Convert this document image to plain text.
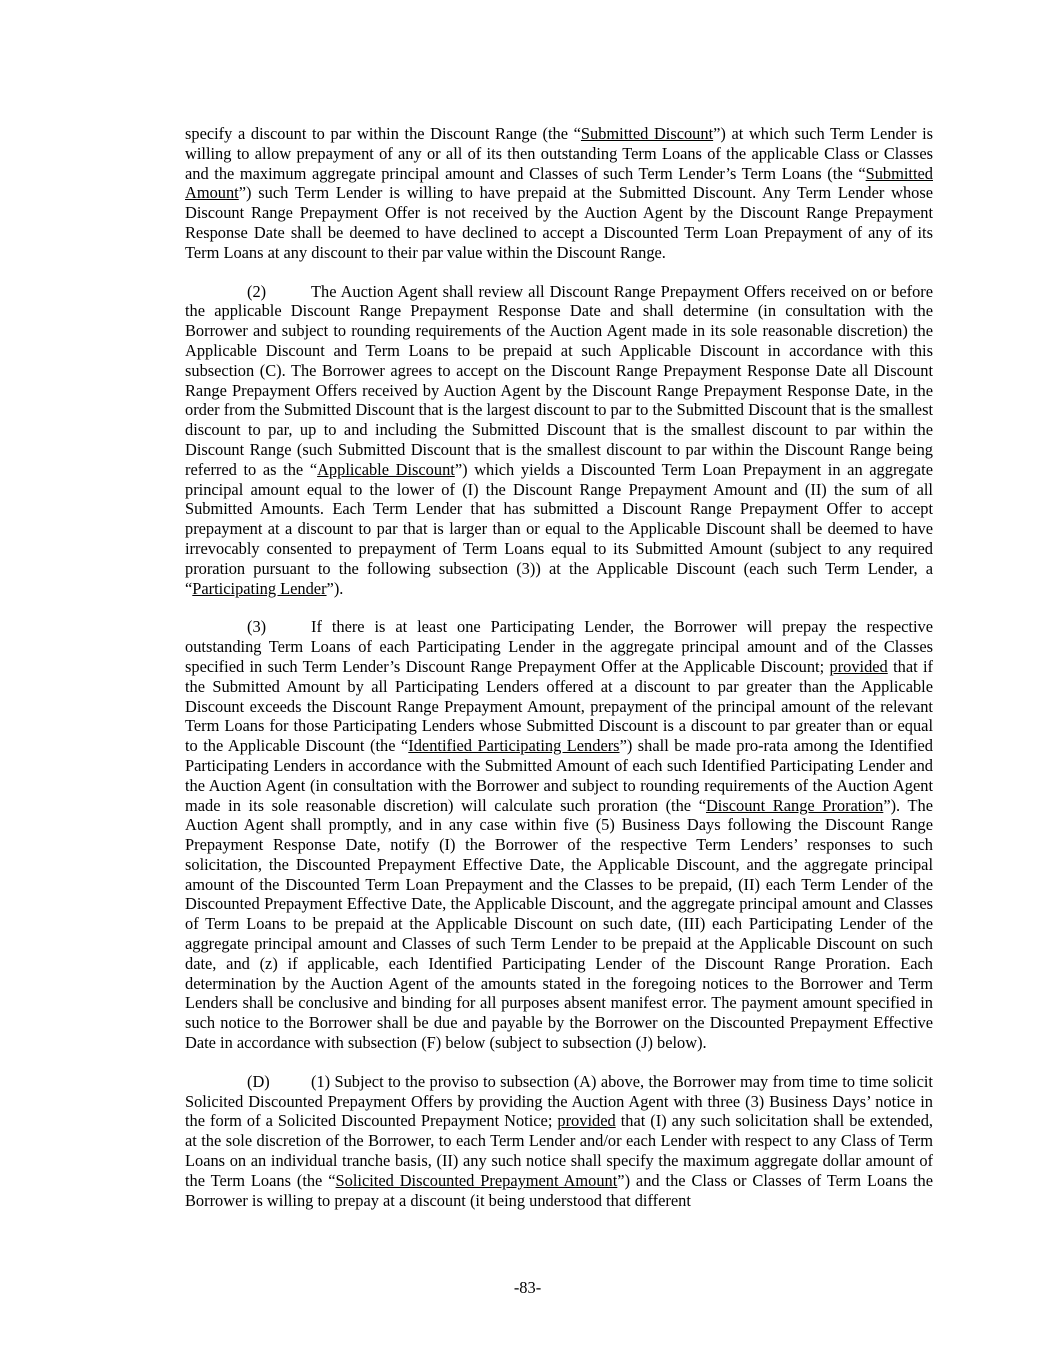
specify a discount to par within the Discount Range (the “Submitted Discount”) at which such Term Lender is willing to allow prepayment of any or all of its then outstanding Term Loans of the applicable Class or Classes and the maximum aggregate principal amount and Classes of such Term Lender’s Term Loans (the “Submitted Amount”) such Term Lender is willing to have prepaid at the Submitted Discount. Any Term Lender whose Discount Range Prepayment Offer is not received by the Auction Agent by the Discount Range Prepayment Response Date shall be deemed to have declined to accept a Discounted Term Loan Prepayment of any of its Term Loans at any discount to their par value within the Discount Range.

(2)	The Auction Agent shall review all Discount Range Prepayment Offers received on or before the applicable Discount Range Prepayment Response Date and shall determine (in consultation with the Borrower and subject to rounding requirements of the Auction Agent made in its sole reasonable discretion) the Applicable Discount and Term Loans to be prepaid at such Applicable Discount in accordance with this subsection (C). The Borrower agrees to accept on the Discount Range Prepayment Response Date all Discount Range Prepayment Offers received by Auction Agent by the Discount Range Prepayment Response Date, in the order from the Submitted Discount that is the largest discount to par to the Submitted Discount that is the smallest discount to par, up to and including the Submitted Discount that is the smallest discount to par within the Discount Range (such Submitted Discount that is the smallest discount to par within the Discount Range being referred to as the “Applicable Discount”) which yields a Discounted Term Loan Prepayment in an aggregate principal amount equal to the lower of (I) the Discount Range Prepayment Amount and (II) the sum of all Submitted Amounts. Each Term Lender that has submitted a Discount Range Prepayment Offer to accept prepayment at a discount to par that is larger than or equal to the Applicable Discount shall be deemed to have irrevocably consented to prepayment of Term Loans equal to its Submitted Amount (subject to any required proration pursuant to the following subsection (3)) at the Applicable Discount (each such Term Lender, a “Participating Lender”).

(3)	If there is at least one Participating Lender, the Borrower will prepay the respective outstanding Term Loans of each Participating Lender in the aggregate principal amount and of the Classes specified in such Term Lender’s Discount Range Prepayment Offer at the Applicable Discount; provided that if the Submitted Amount by all Participating Lenders offered at a discount to par greater than the Applicable Discount exceeds the Discount Range Prepayment Amount, prepayment of the principal amount of the relevant Term Loans for those Participating Lenders whose Submitted Discount is a discount to par greater than or equal to the Applicable Discount (the “Identified Participating Lenders”) shall be made pro-rata among the Identified Participating Lenders in accordance with the Submitted Amount of each such Identified Participating Lender and the Auction Agent (in consultation with the Borrower and subject to rounding requirements of the Auction Agent made in its sole reasonable discretion) will calculate such proration (the “Discount Range Proration”). The Auction Agent shall promptly, and in any case within five (5) Business Days following the Discount Range Prepayment Response Date, notify (I) the Borrower of the respective Term Lenders’ responses to such solicitation, the Discounted Prepayment Effective Date, the Applicable Discount, and the aggregate principal amount of the Discounted Term Loan Prepayment and the Classes to be prepaid, (II) each Term Lender of the Discounted Prepayment Effective Date, the Applicable Discount, and the aggregate principal amount and Classes of Term Loans to be prepaid at the Applicable Discount on such date, (III) each Participating Lender of the aggregate principal amount and Classes of such Term Lender to be prepaid at the Applicable Discount on such date, and (z) if applicable, each Identified Participating Lender of the Discount Range Proration. Each determination by the Auction Agent of the amounts stated in the foregoing notices to the Borrower and Term Lenders shall be conclusive and binding for all purposes absent manifest error. The payment amount specified in such notice to the Borrower shall be due and payable by the Borrower on the Discounted Prepayment Effective Date in accordance with subsection (F) below (subject to subsection (J) below).

(D)	(1) Subject to the proviso to subsection (A) above, the Borrower may from time to time solicit Solicited Discounted Prepayment Offers by providing the Auction Agent with three (3) Business Days’ notice in the form of a Solicited Discounted Prepayment Notice; provided that (I) any such solicitation shall be extended, at the sole discretion of the Borrower, to each Term Lender and/or each Lender with respect to any Class of Term Loans on an individual tranche basis, (II) any such notice shall specify the maximum aggregate dollar amount of the Term Loans (the “Solicited Discounted Prepayment Amount”) and the Class or Classes of Term Loans the Borrower is willing to prepay at a discount (it being understood that different

-83-
